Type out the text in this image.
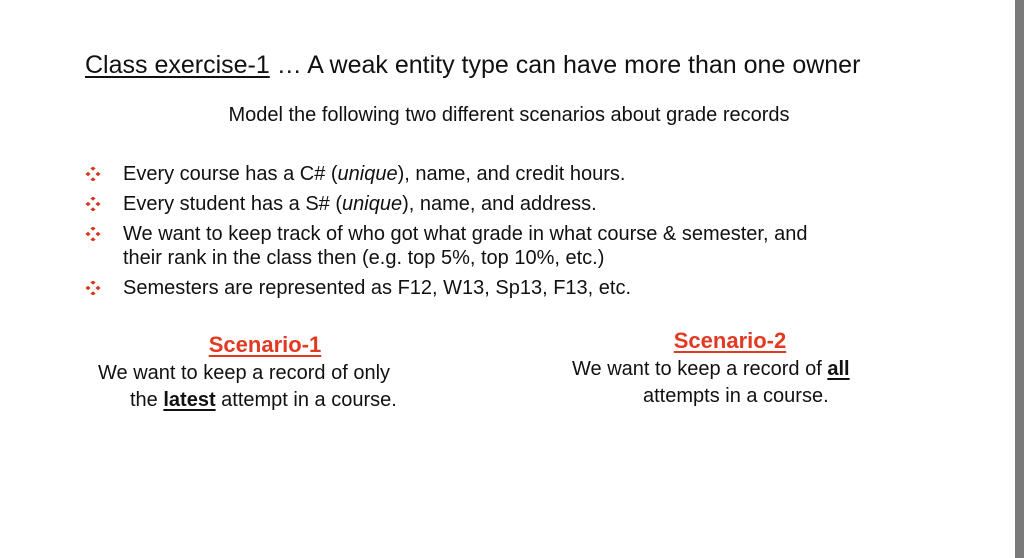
Class exercise-1 … A weak entity type can have more than one owner
Model the following two different scenarios about grade records
Every course has a C# (unique), name, and credit hours.
Every student has a S# (unique), name, and address.
We want to keep track of who got what grade in what course & semester, and
their rank in the class then (e.g. top 5%, top 10%, etc.)
Semesters are represented as F12, W13, Sp13, F13, etc.
Scenario-1
We want to keep a record of only
the latest attempt in a course.
Scenario-2
We want to keep a record of all
attempts in a course.
